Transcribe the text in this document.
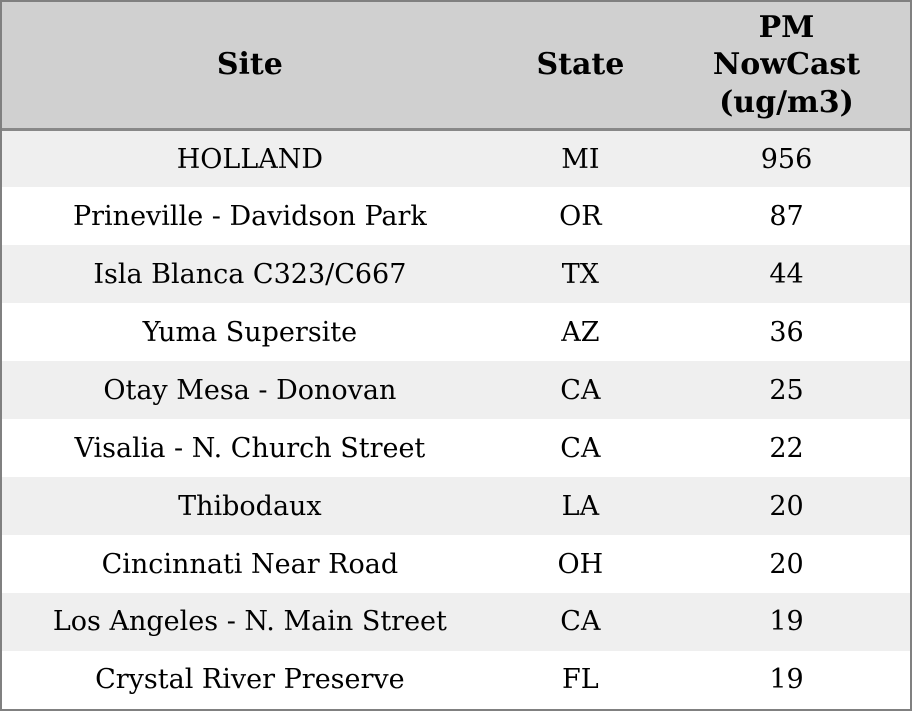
Site	State	PM NowCast (ug/m3)
HOLLAND	MI	956
Prineville - Davidson Park	OR	87
Isla Blanca C323/C667	TX	44
Yuma Supersite	AZ	36
Otay Mesa - Donovan	CA	25
Visalia - N. Church Street	CA	22
Thibodaux	LA	20
Cincinnati Near Road	OH	20
Los Angeles - N. Main Street	CA	19
Crystal River Preserve	FL	19
